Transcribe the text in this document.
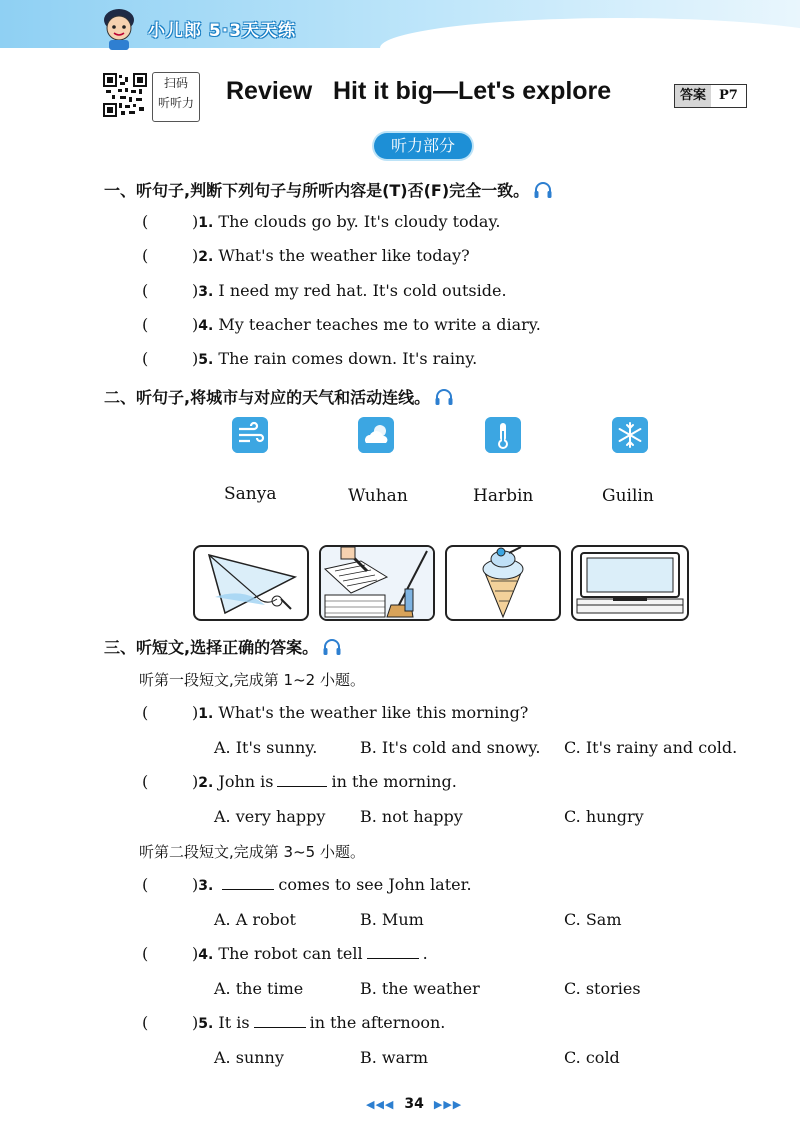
小儿郎 5·3天天练
扫码
听听力 Review   Hit it big—Let's explore	答案	P7
听力部分
一、听句子,判断下列句子与所听内容是(T)否(F)完全一致。
(	)1. The clouds go by. It's cloudy today.
(	)2. What's the weather like today?
(	)3. I need my red hat. It's cold outside.
(	)4. My teacher teaches me to write a diary.
(	)5. The rain comes down. It's rainy.
二、听句子,将城市与对应的天气和活动连线。
Sanya	Wuhan	Harbin	Guilin
三、听短文,选择正确的答案。
听第一段短文,完成第 1~2 小题。
(	)1. What's the weather like this morning?
A. It's sunny.	B. It's cold and snowy. C. It's rainy and cold.
(	)2. John is	in the morning.
A. very happy B. not happy	C. hungry
听第二段短文,完成第 3~5 小题。
(	)3.	comes to see John later.
A. A robot	B. Mum	C. Sam
(	)4. The robot can tell	.
A. the time	B. the weather	C. stories
(	)5. It is	in the afternoon.
A. sunny	B. warm	C. cold
◀◀◀ 34 ▶▶▶
